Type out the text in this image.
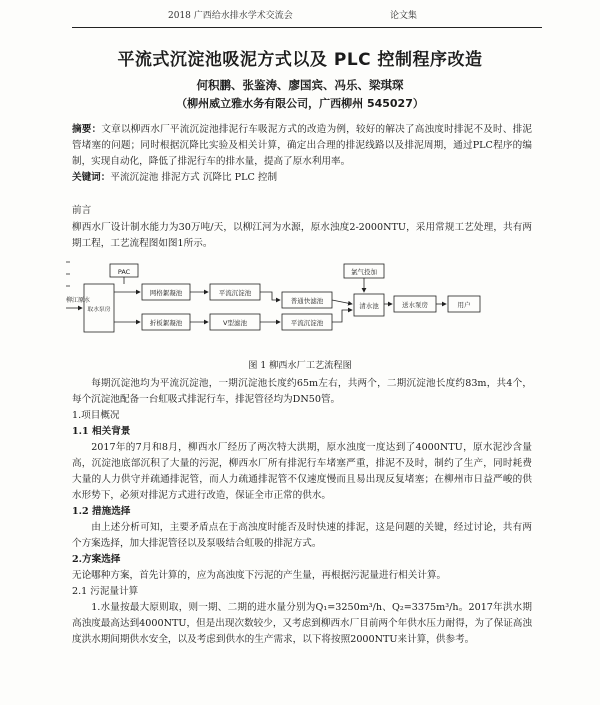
2018 广西给水排水学术交流会	论文集
平流式沉淀池吸泥方式以及 PLC 控制程序改造
何积鹏、张鉴涛、廖国宾、冯乐、梁琪琛
（柳州威立雅水务有限公司，广西柳州 545027）
摘要：文章以柳西水厂平流沉淀池排泥行车吸泥方式的改造为例，较好的解决了高浊度时排泥不及时、排泥管堵塞的问题；同时根据沉降比实验及相关计算，确定出合理的排泥线路以及排泥周期，通过PLC程序的编制，实现自动化，降低了排泥行车的排水量，提高了原水利用率。
关键词：平流沉淀池 排泥方式 沉降比 PLC 控制
前言
柳西水厂设计制水能力为30万吨/天，以柳江河为水源，原水浊度2-2000NTU，采用常规工艺处理，共有两期工程，工艺流程图如图1所示。
PAC
柳江原水
取水泵房
网格絮凝池
折板絮凝池
平流沉淀池
V型滤池
普通快滤池
平流沉淀池
氯气投加
清水池	送水泵房	用户
图 1 柳西水厂工艺流程图
每期沉淀池均为平流沉淀池，一期沉淀池长度约65m左右，共两个，二期沉淀池长度约83m，共4个，每个沉淀池配备一台虹吸式排泥行车，排泥管径均为DN50管。
1.项目概况
1.1 相关背景
2017年的7月和8月，柳西水厂经历了两次特大洪期，原水浊度一度达到了4000NTU，原水泥沙含量高，沉淀池底部沉积了大量的污泥，柳西水厂所有排泥行车堵塞严重，排泥不及时，制约了生产，同时耗费大量的人力供守并疏通排泥管，而人力疏通排泥管不仅速度慢而且易出现反复堵塞；在柳州市日益严峻的供水形势下，必须对排泥方式进行改造，保证全市正常的供水。
1.2 措施选择
由上述分析可知，主要矛盾点在于高浊度时能否及时快速的排泥，这是问题的关键，经过讨论，共有两个方案选择，加大排泥管径以及泵吸结合虹吸的排泥方式。
2.方案选择
无论哪种方案，首先计算的，应为高浊度下污泥的产生量，再根据污泥量进行相关计算。
2.1 污泥量计算
1.水量按最大原则取，则一期、二期的进水量分别为Q₁=3250m³/h、Q₂=3375m³/h。2017年洪水期高浊度最高达到4000NTU，但是出现次数较少，又考虑到柳西水厂目前两个年供水压力耐得，为了保证高浊度洪水期间期供水安全，以及考虑到供水的生产需求，以下将按照2000NTU来计算，供参考。
